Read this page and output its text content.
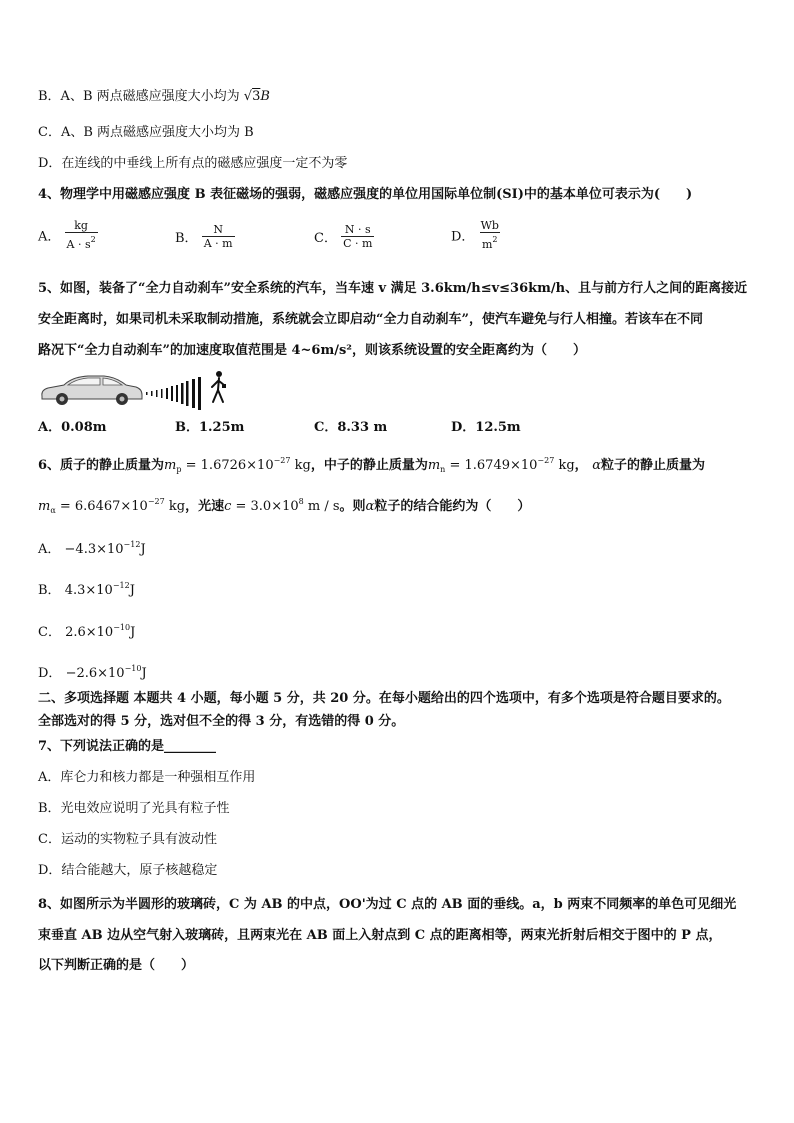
B．A、B 两点磁感应强度大小均为 √3B
C．A、B 两点磁感应强度大小均为 B
D．在连线的中垂线上所有点的磁感应强度一定不为零
4、物理学中用磁感应强度 B 表征磁场的强弱，磁感应强度的单位用国际单位制(SI)中的基本单位可表示为(　　)
A． $\frac{kg}{A \cdot s^2}$	B． $\frac{N}{A \cdot m}$	C． $\frac{N \cdot s}{C \cdot m}$	D． $\frac{Wb}{m^2}$
5、如图，装备了“全力自动刹车”安全系统的汽车，当车速 v 满足 3.6km/h≤v≤36km/h、且与前方行人之间的距离接近
安全距离时，如果司机未采取制动措施，系统就会立即启动“全力自动刹车”，使汽车避免与行人相撞。若该车在不同
路况下“全力自动刹车”的加速度取值范围是 4~6m/s²，则该系统设置的安全距离约为（　　）
A．0.08m	B．1.25m	C．8.33 m	D．12.5m
6、质子的静止质量为$m_p = 1.6726\times 10^{-27}$ kg，中子的静止质量为$m_n = 1.6749\times 10^{-27}$ kg， α粒子的静止质量为
$m_\alpha = 6.6467\times 10^{-27}$ kg，光速$c = 3.0\times 10^8$ m / s。则α粒子的结合能约为（　　）
A． $-4.3\times 10^{-12}J$
B． $4.3\times 10^{-12}J$
C． $2.6\times 10^{-10}J$
D． $-2.6\times 10^{-10}J$
二、多项选择题 本题共 4 小题，每小题 5 分，共 20 分。在每小题给出的四个选项中，有多个选项是符合题目要求的。
全部选对的得 5 分，选对但不全的得 3 分，有选错的得 0 分。
7、下列说法正确的是________
A．库仑力和核力都是一种强相互作用
B．光电效应说明了光具有粒子性
C．运动的实物粒子具有波动性
D．结合能越大，原子核越稳定
8、如图所示为半圆形的玻璃砖，C 为 AB 的中点，OO'为过 C 点的 AB 面的垂线。a，b 两束不同频率的单色可见细光
束垂直 AB 边从空气射入玻璃砖，且两束光在 AB 面上入射点到 C 点的距离相等，两束光折射后相交于图中的 P 点，
以下判断正确的是（　　）
